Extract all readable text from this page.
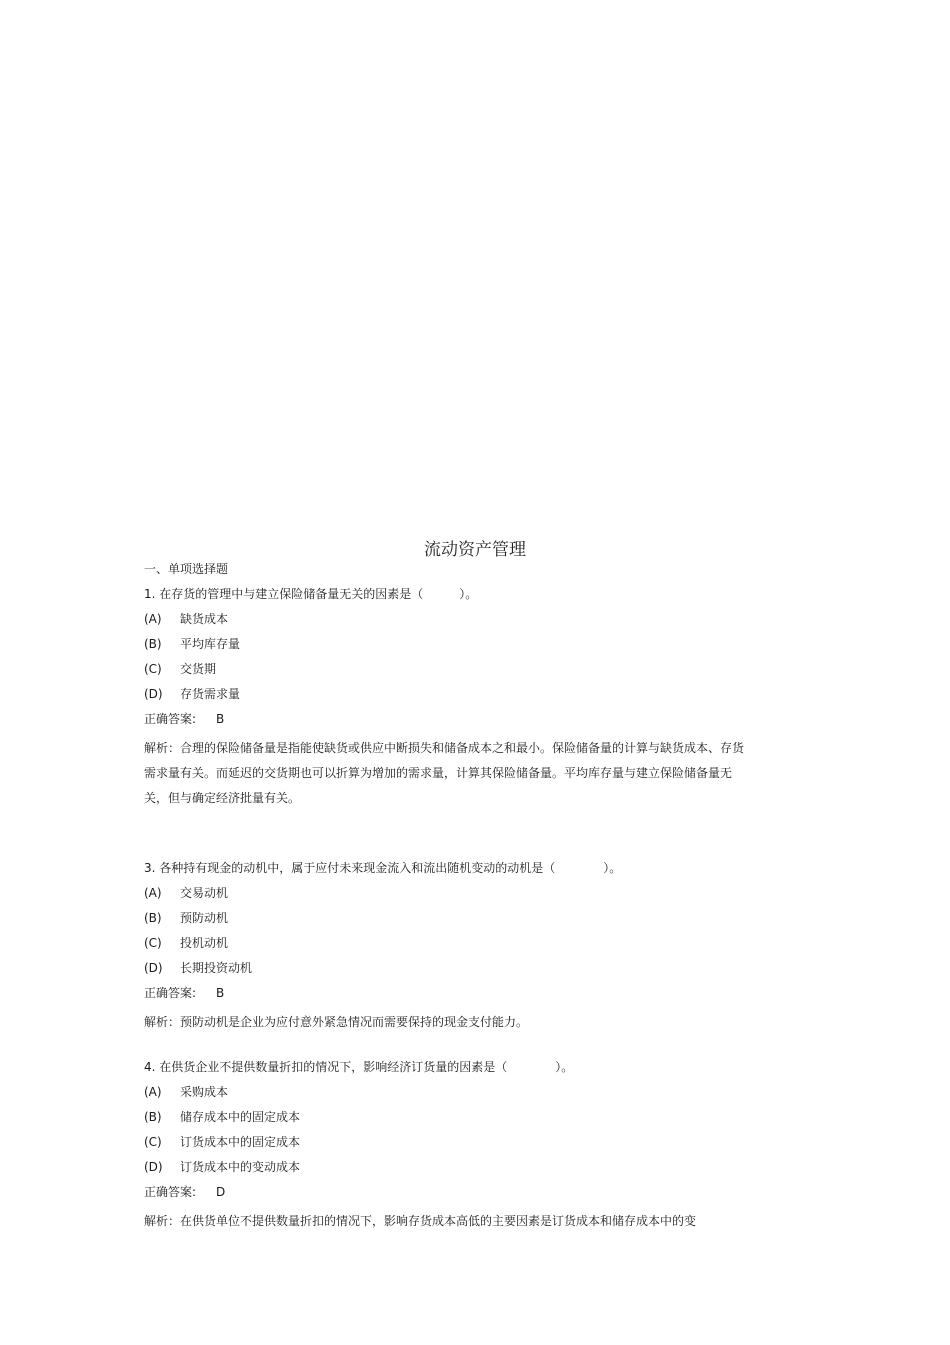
流动资产管理
一、单项选择题
1. 在存货的管理中与建立保险储备量无关的因素是（　　　）。
(A) 缺货成本
(B) 平均库存量
(C) 交货期
(D) 存货需求量
正确答案: B

解析：合理的保险储备量是指能使缺货或供应中断损失和储备成本之和最小。保险储备量的计算与缺货成本、存货需求量有关。而延迟的交货期也可以折算为增加的需求量，计算其保险储备量。平均库存量与建立保险储备量无关，但与确定经济批量有关。

3. 各种持有现金的动机中，属于应付未来现金流入和流出随机变动的动机是（　　　　）。
(A) 交易动机
(B) 预防动机
(C) 投机动机
(D) 长期投资动机
正确答案: B

解析：预防动机是企业为应付意外紧急情况而需要保持的现金支付能力。

4. 在供货企业不提供数量折扣的情况下，影响经济订货量的因素是（　　　　）。
(A) 采购成本
(B) 储存成本中的固定成本
(C) 订货成本中的固定成本
(D) 订货成本中的变动成本
正确答案: D

解析：在供货单位不提供数量折扣的情况下，影响存货成本高低的主要因素是订货成本和储存成本中的变
